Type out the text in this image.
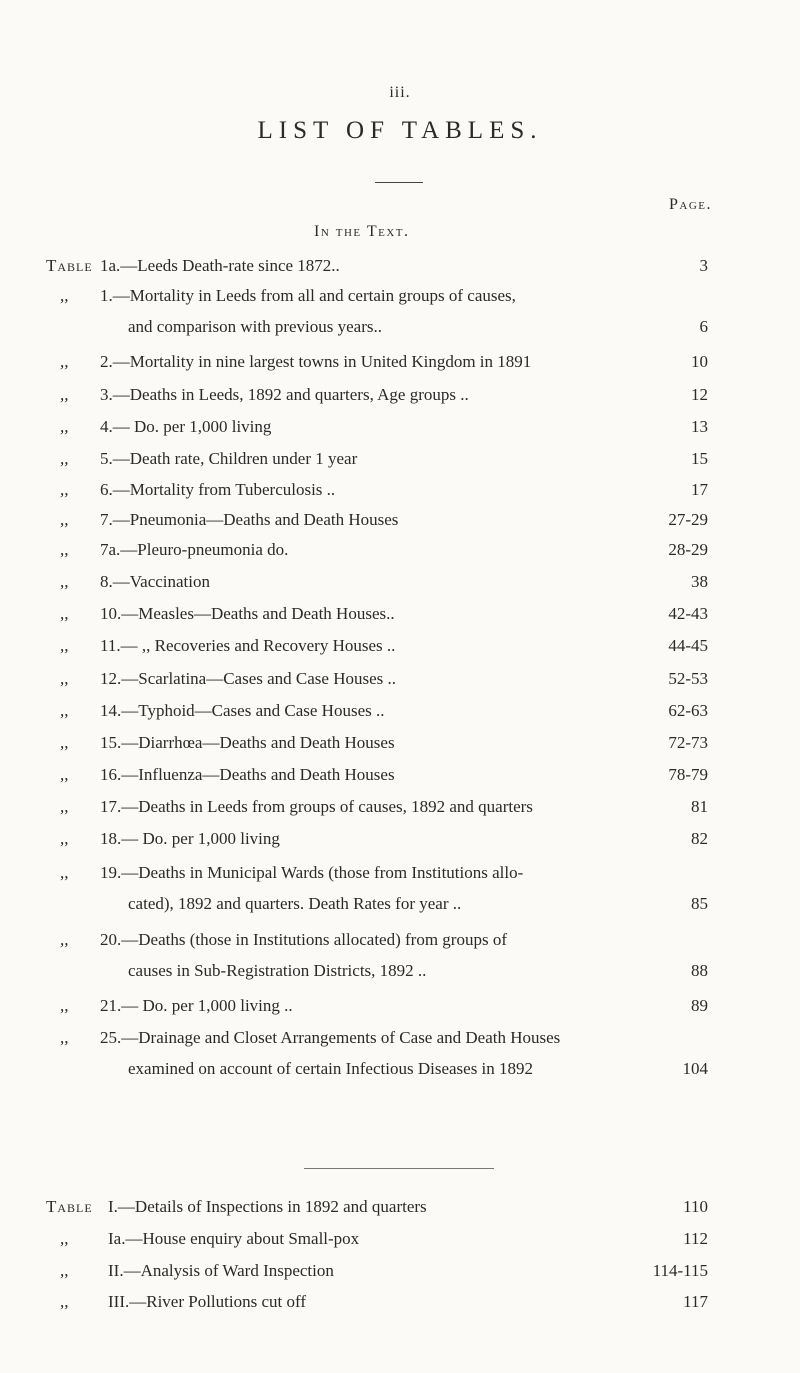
iii.
LIST OF TABLES.
Page.
In the Text.
Table 1a.—Leeds Death-rate since 1872..	3
,, 1.—Mortality in Leeds from all and certain groups of causes,
and comparison with previous years..	6
,, 2.—Mortality in nine largest towns in United Kingdom in 1891	10
,, 3.—Deaths in Leeds, 1892 and quarters, Age groups ..	12
,, 4.— Do. per 1,000 living	13
,, 5.—Death rate, Children under 1 year	15
,, 6.—Mortality from Tuberculosis ..	17
,, 7.—Pneumonia—Deaths and Death Houses	27-29
,, 7a.—Pleuro-pneumonia do.	28-29
,, 8.—Vaccination	38
,, 10.—Measles—Deaths and Death Houses..	42-43
,, 11.— ,, Recoveries and Recovery Houses ..	44-45
,, 12.—Scarlatina—Cases and Case Houses ..	52-53
,, 14.—Typhoid—Cases and Case Houses ..	62-63
,, 15.—Diarrhœa—Deaths and Death Houses	72-73
,, 16.—Influenza—Deaths and Death Houses	78-79
,, 17.—Deaths in Leeds from groups of causes, 1892 and quarters	81
,, 18.— Do. per 1,000 living	82
,, 19.—Deaths in Municipal Wards (those from Institutions allo-
cated), 1892 and quarters. Death Rates for year ..	85
,, 20.—Deaths (those in Institutions allocated) from groups of
causes in Sub-Registration Districts, 1892 ..	88
,, 21.— Do. per 1,000 living ..	89
,, 25.—Drainage and Closet Arrangements of Case and Death Houses
examined on account of certain Infectious Diseases in 1892	104
Table I.—Details of Inspections in 1892 and quarters	110
,, Ia.—House enquiry about Small-pox	112
,, II.—Analysis of Ward Inspection	114-115
,, III.—River Pollutions cut off	117
